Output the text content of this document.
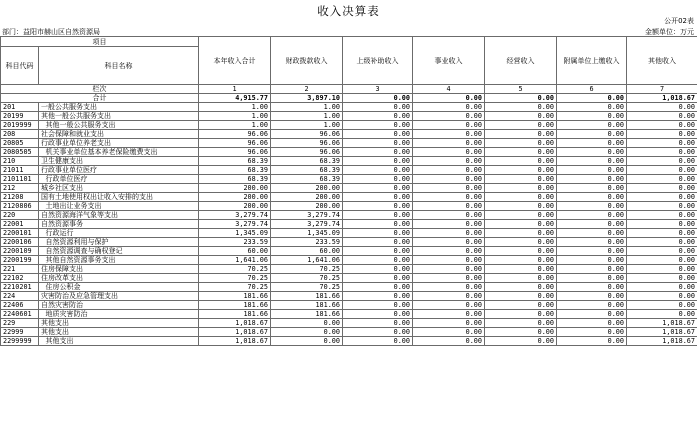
收入决算表
公开02表
部门：益阳市赫山区自然资源局	金额单位：万元
项目		本年收入合计	财政拨款收入	上级补助收入	事业收入	经营收入	附属单位上缴收入	其他收入
科目代码	科目名称							
栏次		1	2	3	4	5	6	7
合计		4,915.77	3,897.10	0.00	0.00	0.00	0.00	1,018.67
201	一般公共服务支出	1.00	1.00	0.00	0.00	0.00	0.00	0.00
20199	其他一般公共服务支出	1.00	1.00	0.00	0.00	0.00	0.00	0.00
2019999	其他一般公共服务支出	1.00	1.00	0.00	0.00	0.00	0.00	0.00
208	社会保障和就业支出	96.06	96.06	0.00	0.00	0.00	0.00	0.00
20805	行政事业单位养老支出	96.06	96.06	0.00	0.00	0.00	0.00	0.00
2080505	机关事业单位基本养老保险缴费支出	96.06	96.06	0.00	0.00	0.00	0.00	0.00
210	卫生健康支出	68.39	68.39	0.00	0.00	0.00	0.00	0.00
21011	行政事业单位医疗	68.39	68.39	0.00	0.00	0.00	0.00	0.00
2101101	行政单位医疗	68.39	68.39	0.00	0.00	0.00	0.00	0.00
212	城乡社区支出	200.00	200.00	0.00	0.00	0.00	0.00	0.00
21208	国有土地使用权出让收入安排的支出	200.00	200.00	0.00	0.00	0.00	0.00	0.00
2120806	土地出让业务支出	200.00	200.00	0.00	0.00	0.00	0.00	0.00
220	自然资源海洋气象等支出	3,279.74	3,279.74	0.00	0.00	0.00	0.00	0.00
22001	自然资源事务	3,279.74	3,279.74	0.00	0.00	0.00	0.00	0.00
2200101	行政运行	1,345.09	1,345.09	0.00	0.00	0.00	0.00	0.00
2200106	自然资源利用与保护	233.59	233.59	0.00	0.00	0.00	0.00	0.00
2200109	自然资源调查与确权登记	60.00	60.00	0.00	0.00	0.00	0.00	0.00
2200199	其他自然资源事务支出	1,641.06	1,641.06	0.00	0.00	0.00	0.00	0.00
221	住房保障支出	70.25	70.25	0.00	0.00	0.00	0.00	0.00
22102	住房改革支出	70.25	70.25	0.00	0.00	0.00	0.00	0.00
2210201	住房公积金	70.25	70.25	0.00	0.00	0.00	0.00	0.00
224	灾害防治及应急管理支出	181.66	181.66	0.00	0.00	0.00	0.00	0.00
22406	自然灾害防治	181.66	181.66	0.00	0.00	0.00	0.00	0.00
2240601	地质灾害防治	181.66	181.66	0.00	0.00	0.00	0.00	0.00
229	其他支出	1,018.67	0.00	0.00	0.00	0.00	0.00	1,018.67
22999	其他支出	1,018.67	0.00	0.00	0.00	0.00	0.00	1,018.67
2299999	其他支出	1,018.67	0.00	0.00	0.00	0.00	0.00	1,018.67
